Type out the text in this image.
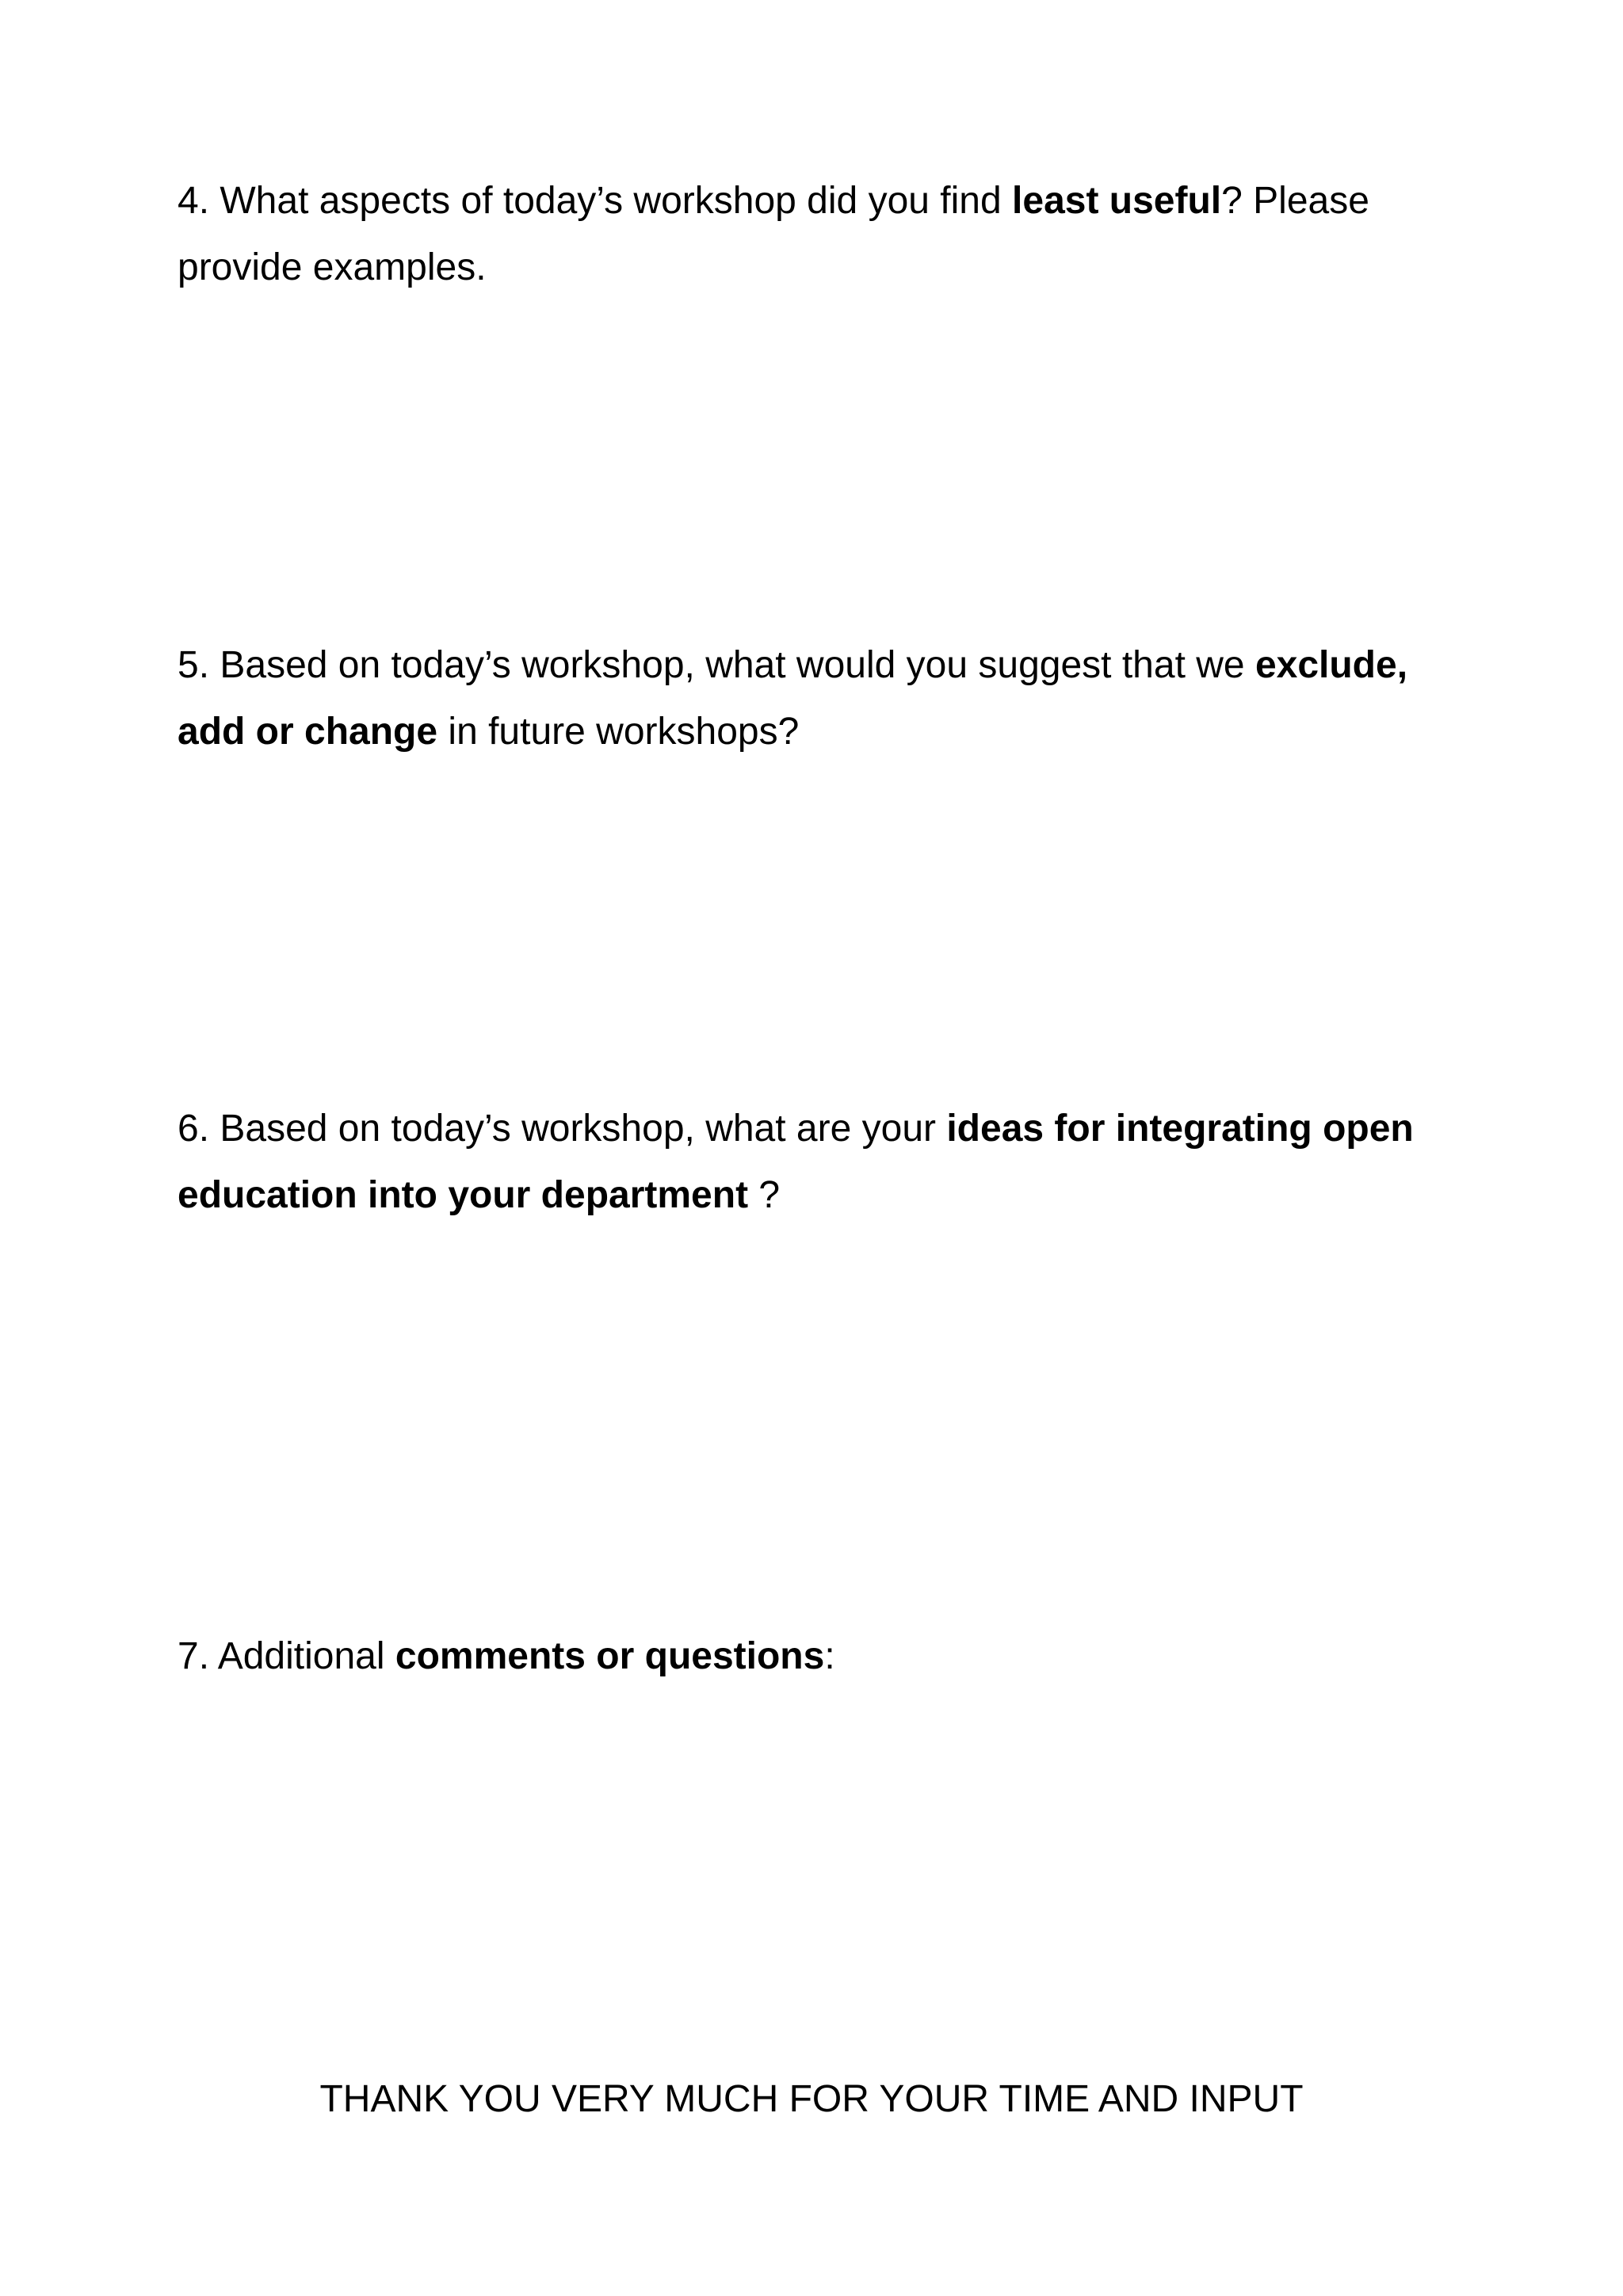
4. What aspects of today’s workshop did you find least useful? Please provide examples.

5. Based on today’s workshop, what would you suggest that we exclude, add or change in future workshops?

6. Based on today’s workshop, what are your ideas for integrating open education into your department ?

7. Additional comments or questions:

THANK YOU VERY MUCH FOR YOUR TIME AND INPUT
